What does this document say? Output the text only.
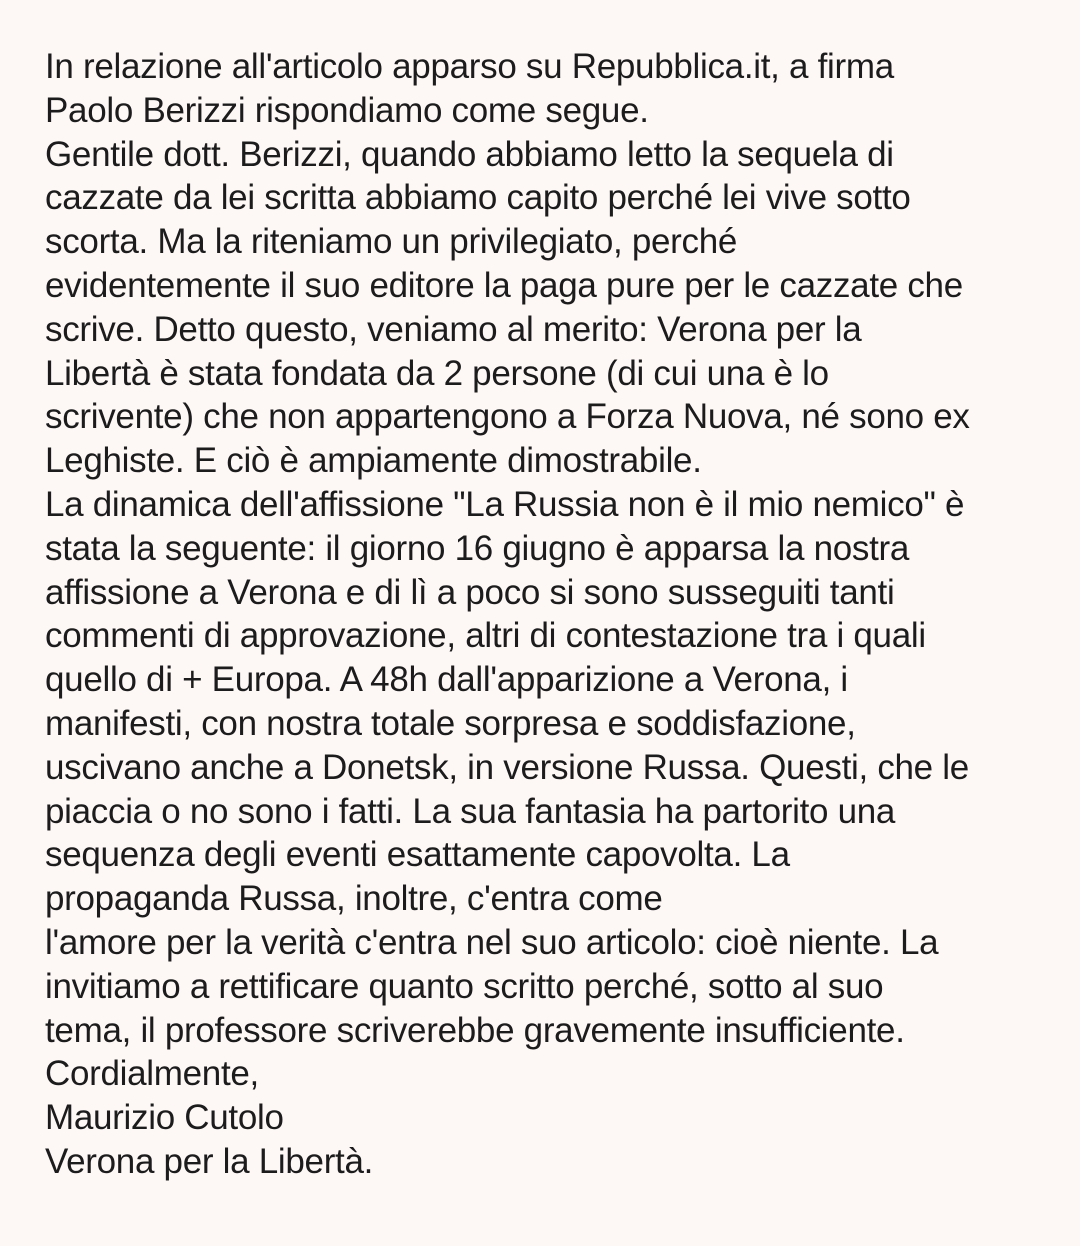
In relazione all'articolo apparso su Repubblica.it, a firma
Paolo Berizzi rispondiamo come segue.
Gentile dott. Berizzi, quando abbiamo letto la sequela di
cazzate da lei scritta abbiamo capito perché lei vive sotto
scorta. Ma la riteniamo un privilegiato, perché
evidentemente il suo editore la paga pure per le cazzate che
scrive. Detto questo, veniamo al merito: Verona per la
Libertà è stata fondata da 2 persone (di cui una è lo
scrivente) che non appartengono a Forza Nuova, né sono ex
Leghiste. E ciò è ampiamente dimostrabile.
La dinamica dell'affissione "La Russia non è il mio nemico" è
stata la seguente: il giorno 16 giugno è apparsa la nostra
affissione a Verona e di lì a poco si sono susseguiti tanti
commenti di approvazione, altri di contestazione tra i quali
quello di + Europa. A 48h dall'apparizione a Verona, i
manifesti, con nostra totale sorpresa e soddisfazione,
uscivano anche a Donetsk, in versione Russa. Questi, che le
piaccia o no sono i fatti. La sua fantasia ha partorito una
sequenza degli eventi esattamente capovolta. La
propaganda Russa, inoltre, c'entra come
l'amore per la verità c'entra nel suo articolo: cioè niente. La
invitiamo a rettificare quanto scritto perché, sotto al suo
tema, il professore scriverebbe gravemente insufficiente.
Cordialmente,
Maurizio Cutolo
Verona per la Libertà.
